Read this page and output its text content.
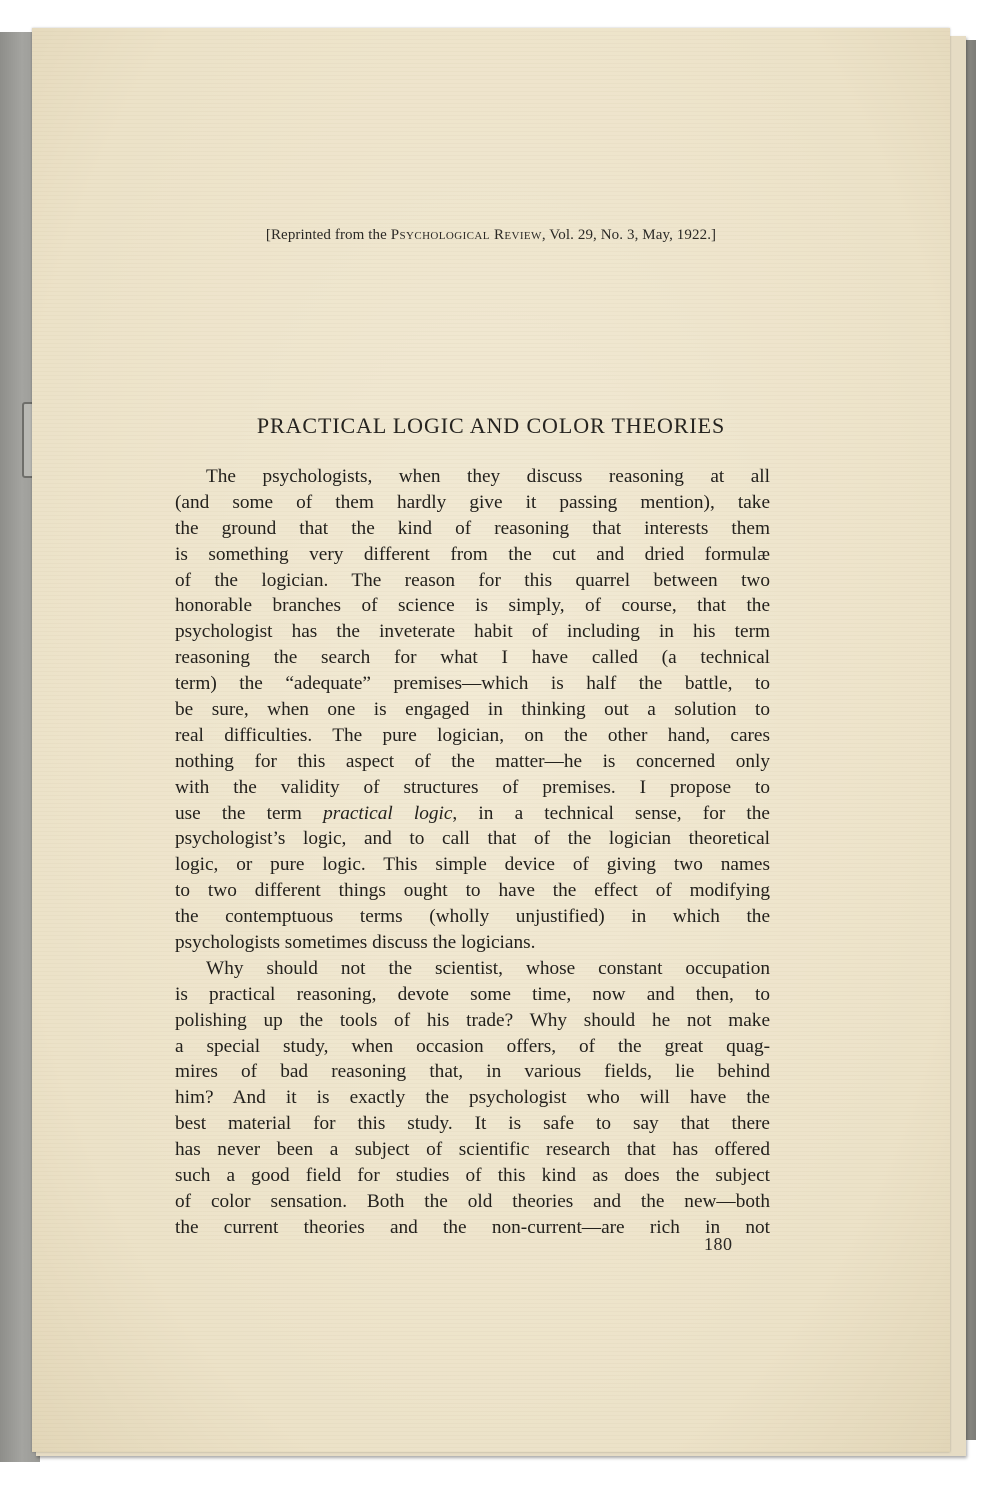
[Reprinted from the Psychological Review, Vol. 29, No. 3, May, 1922.]
PRACTICAL LOGIC AND COLOR THEORIES
The psychologists, when they discuss reasoning at all
(and some of them hardly give it passing mention), take
the ground that the kind of reasoning that interests them
is something very different from the cut and dried formulæ
of the logician. The reason for this quarrel between two
honorable branches of science is simply, of course, that the
psychologist has the inveterate habit of including in his term
reasoning the search for what I have called (a technical
term) the “adequate” premises—which is half the battle, to
be sure, when one is engaged in thinking out a solution to
real difficulties. The pure logician, on the other hand, cares
nothing for this aspect of the matter—he is concerned only
with the validity of structures of premises. I propose to
use the term practical logic, in a technical sense, for the
psychologist’s logic, and to call that of the logician theoretical
logic, or pure logic. This simple device of giving two names
to two different things ought to have the effect of modifying
the contemptuous terms (wholly unjustified) in which the
psychologists sometimes discuss the logicians.
Why should not the scientist, whose constant occupation
is practical reasoning, devote some time, now and then, to
polishing up the tools of his trade? Why should he not make
a special study, when occasion offers, of the great quag-
mires of bad reasoning that, in various fields, lie behind
him? And it is exactly the psychologist who will have the
best material for this study. It is safe to say that there
has never been a subject of scientific research that has offered
such a good field for studies of this kind as does the subject
of color sensation. Both the old theories and the new—both
the current theories and the non-current—are rich in not
180
